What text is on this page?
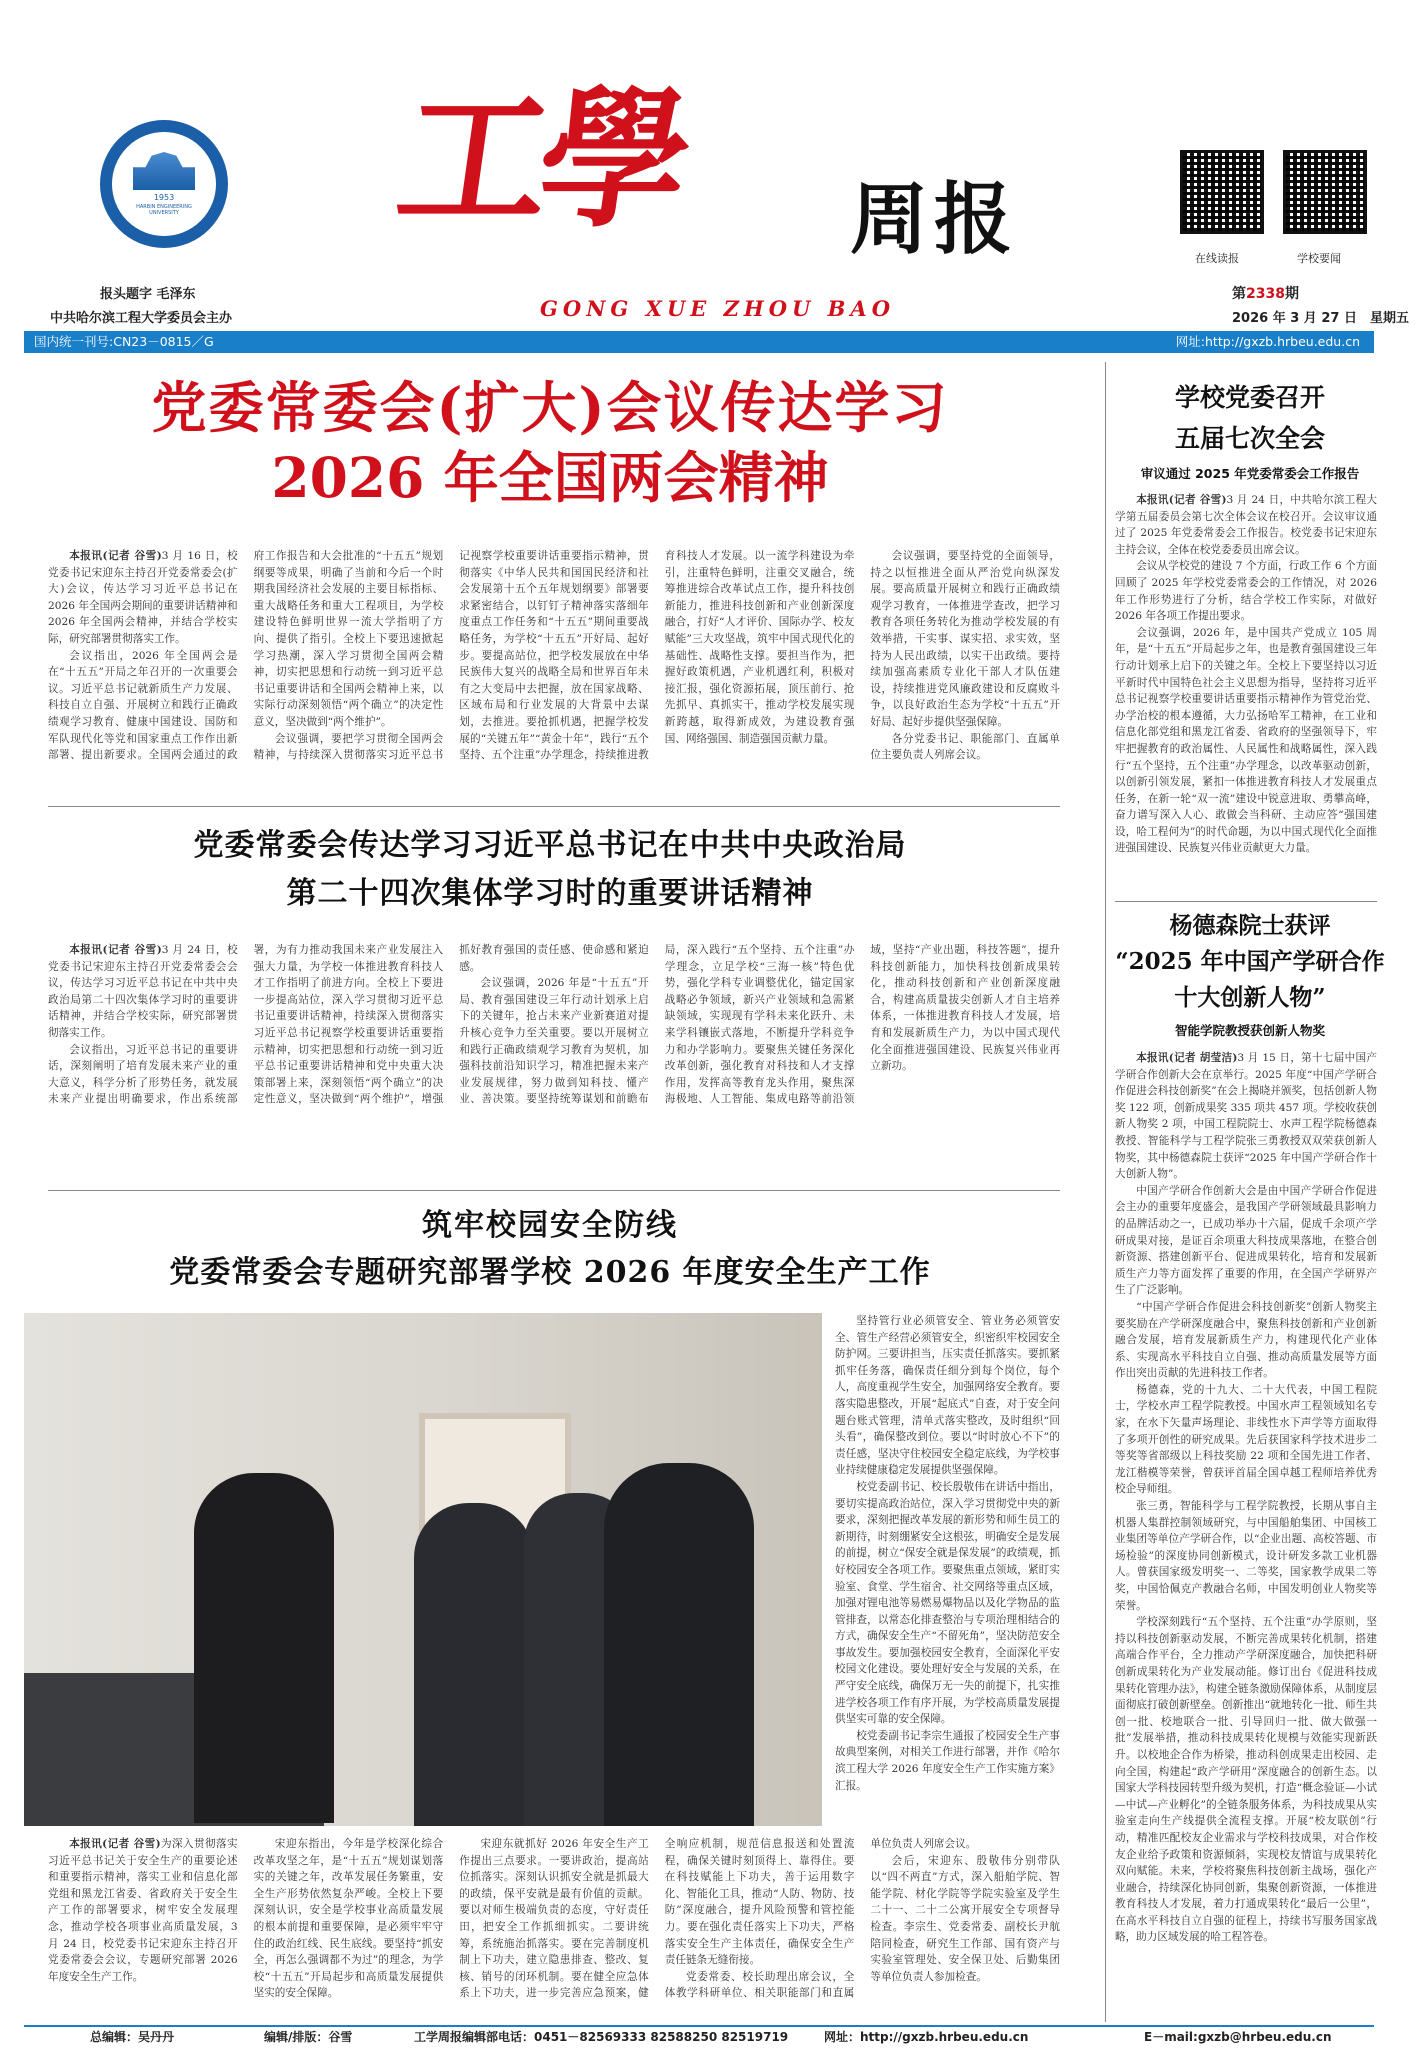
1953
HARBIN ENGINEERING UNIVERSITY 工學 周报
GONG XUE ZHOU BAO
报头题字 毛泽东
中共哈尔滨工程大学委员会主办
在线读报	学校要闻
第2338期
2026 年 3 月 27 日　星期五
国内统一刊号:CN23－0815／G	网址:http://gxzb.hrbeu.edu.cn
党委常委会(扩大)会议传达学习
2026 年全国两会精神

本报讯(记者 谷雪)3 月 16 日，校党委书记宋迎东主持召开党委常委会(扩大)会议，传达学习习近平总书记在 2026 年全国两会期间的重要讲话精神和 2026 年全国两会精神，并结合学校实际，研究部署贯彻落实工作。

会议指出，2026 年全国两会是在“十五五”开局之年召开的一次重要会议。习近平总书记就新质生产力发展、科技自立自强、开展树立和践行正确政绩观学习教育、健康中国建设、国防和军队现代化等党和国家重点工作作出新部署、提出新要求。全国两会通过的政府工作报告和大会批准的“十五五”规划纲要等成果，明确了当前和今后一个时期我国经济社会发展的主要目标指标、重大战略任务和重大工程项目，为学校建设特色鲜明世界一流大学指明了方向、提供了指引。全校上下要迅速掀起学习热潮，深入学习贯彻全国两会精神，切实把思想和行动统一到习近平总书记重要讲话和全国两会精神上来，以实际行动深刻领悟“两个确立”的决定性意义，坚决做到“两个维护”。

会议强调，要把学习贯彻全国两会精神，与持续深入贯彻落实习近平总书记视察学校重要讲话重要指示精神，贯彻落实《中华人民共和国国民经济和社会发展第十五个五年规划纲要》部署要求紧密结合，以钉钉子精神落实落细年度重点工作任务和“十五五”期间重要战略任务，为学校“十五五”开好局、起好步。要提高站位，把学校发展放在中华民族伟大复兴的战略全局和世界百年未有之大变局中去把握，放在国家战略、区域布局和行业发展的大背景中去谋划，去推进。要抢抓机遇，把握学校发展的“关键五年”“黄金十年”，践行“五个坚持、五个注重”办学理念，持续推进教育科技人才发展。以一流学科建设为牵引，注重特色鲜明，注重交叉融合，统筹推进综合改革试点工作，提升科技创新能力，推进科技创新和产业创新深度融合，打好“人才评价、国际办学、校友赋能”三大攻坚战，筑牢中国式现代化的基础性、战略性支撑。要担当作为，把握好政策机遇，产业机遇红利，积极对接汇报，强化资源拓展，顶压前行、抢先抓早、真抓实干，推动学校发展实现新跨越，取得新成效，为建设教育强国、网络强国、制造强国贡献力量。

会议强调，要坚持党的全面领导，持之以恒推进全面从严治党向纵深发展。要高质量开展树立和践行正确政绩观学习教育，一体推进学查改，把学习教育各项任务转化为推动学校发展的有效举措，干实事、谋实招、求实效，坚持为人民出政绩，以实干出政绩。要持续加强高素质专业化干部人才队伍建设，持续推进党风廉政建设和反腐败斗争，以良好政治生态为学校“十五五”开好局、起好步提供坚强保障。

各分党委书记、职能部门、直属单位主要负责人列席会议。

党委常委会传达学习习近平总书记在中共中央政治局
第二十四次集体学习时的重要讲话精神

本报讯(记者 谷雪)3 月 24 日，校党委书记宋迎东主持召开党委常委会会议，传达学习习近平总书记在中共中央政治局第二十四次集体学习时的重要讲话精神，并结合学校实际，研究部署贯彻落实工作。

会议指出，习近平总书记的重要讲话，深刻阐明了培育发展未来产业的重大意义，科学分析了形势任务，就发展未来产业提出明确要求，作出系统部署，为有力推动我国未来产业发展注入强大力量，为学校一体推进教育科技人才工作指明了前进方向。全校上下要进一步提高站位，深入学习贯彻习近平总书记重要讲话精神，持续深入贯彻落实习近平总书记视察学校重要讲话重要指示精神，切实把思想和行动统一到习近平总书记重要讲话精神和党中央重大决策部署上来，深刻领悟“两个确立”的决定性意义，坚决做到“两个维护”，增强抓好教育强国的责任感、使命感和紧迫感。

会议强调，2026 年是“十五五”开局、教育强国建设三年行动计划承上启下的关键年，抢占未来产业新赛道对提升核心竞争力至关重要。要以开展树立和践行正确政绩观学习教育为契机，加强科技前沿知识学习，精准把握未来产业发展规律，努力做到知科技、懂产业、善决策。要坚持统筹谋划和前瞻布局，深入践行“五个坚持、五个注重”办学理念，立足学校“三海一核”特色优势，强化学科专业调整优化，锚定国家战略必争领域，新兴产业领域和急需紧缺领域，实现现有学科未来化跃升、未来学科镶嵌式落地，不断提升学科竞争力和办学影响力。要聚焦关键任务深化改革创新，强化教育对科技和人才支撑作用，发挥高等教育龙头作用，聚焦深海极地、人工智能、集成电路等前沿领域，坚持“产业出题，科技答题”，提升科技创新能力，加快科技创新成果转化，推动科技创新和产业创新深度融合，构建高质量拔尖创新人才自主培养体系，一体推进教育科技人才发展，培育和发展新质生产力，为以中国式现代化全面推进强国建设、民族复兴伟业再立新功。

筑牢校园安全防线
党委常委会专题研究部署学校 2026 年度安全生产工作

坚持管行业必须管安全、管业务必须管安全、管生产经营必须管安全，织密织牢校园安全防护网。三要讲担当，压实责任抓落实。要抓紧抓牢任务落，确保责任细分到每个岗位，每个人，高度重视学生安全，加强网络安全教育。要落实隐患整改，开展“起底式”自查，对于安全问题台账式管理，清单式落实整改，及时组织“回头看”，确保整改到位。要以“时时放心不下”的责任感，坚决守住校园安全稳定底线，为学校事业持续健康稳定发展提供坚强保障。

校党委副书记、校长殷敬伟在讲话中指出，要切实提高政治站位，深入学习贯彻党中央的新要求，深刻把握改革发展的新形势和师生员工的新期待，时刻绷紧安全这根弦，明确安全是发展的前提，树立“保安全就是保发展”的政绩观，抓好校园安全各项工作。要聚焦重点领域，紧盯实验室、食堂、学生宿舍、社交网络等重点区域，加强对锂电池等易燃易爆物品以及化学物品的监管排查，以常态化排查整治与专项治理相结合的方式，确保安全生产“不留死角”，坚决防范安全事故发生。要加强校园安全教育，全面深化平安校园文化建设。要处理好安全与发展的关系，在严守安全底线，确保万无一失的前提下，扎实推进学校各项工作有序开展，为学校高质量发展提供坚实可靠的安全保障。

校党委副书记李宗生通报了校园安全生产事故典型案例，对相关工作进行部署，并作《哈尔滨工程大学 2026 年度安全生产工作实施方案》汇报。

本报讯(记者 谷雪)为深入贯彻落实习近平总书记关于安全生产的重要论述和重要指示精神，落实工业和信息化部党组和黑龙江省委、省政府关于安全生产工作的部署要求，树牢安全发展理念，推动学校各项事业高质量发展，3 月 24 日，校党委书记宋迎东主持召开党委常委会会议，专题研究部署 2026 年度安全生产工作。

宋迎东指出，今年是学校深化综合改革攻坚之年，是“十五五”规划谋划落实的关键之年，改革发展任务繁重，安全生产形势依然复杂严峻。全校上下要深刻认识，安全是学校事业高质量发展的根本前提和重要保障，是必须牢牢守住的政治红线、民生底线。要坚持“抓安全，再怎么强调都不为过”的理念，为学校“十五五”开局起步和高质量发展提供坚实的安全保障。

宋迎东就抓好 2026 年安全生产工作提出三点要求。一要讲政治，提高站位抓落实。深刻认识抓安全就是抓最大的政绩，保平安就是最有价值的贡献。要以对师生极端负责的态度，守好责任田，把安全工作抓细抓实。二要讲统筹，系统施治抓落实。要在完善制度机制上下功夫，建立隐患排查、整改、复核、销号的闭环机制。要在健全应急体系上下功夫，进一步完善应急预案，健全响应机制，规范信息报送和处置流程，确保关键时刻顶得上、靠得住。要在科技赋能上下功夫，善于运用数字化、智能化工具，推动“人防、物防、技防”深度融合，提升风险预警和管控能力。要在强化责任落实上下功夫，严格落实安全生产主体责任，确保安全生产责任链条无缝衔接。

党委常委、校长助理出席会议，全体教学科研单位、相关职能部门和直属单位负责人列席会议。

会后，宋迎东、殷敬伟分别带队以“四不两直”方式，深入船舶学院、智能学院、材化学院等学院实验室及学生二十一、二十二公寓开展安全专项督导检查。李宗生、党委常委、副校长尹航陪同检查，研究生工作部、国有资产与实验室管理处、安全保卫处、后勤集团等单位负责人参加检查。

学校党委召开
五届七次全会
审议通过 2025 年党委常委会工作报告

本报讯(记者 谷雪)3 月 24 日，中共哈尔滨工程大学第五届委员会第七次全体会议在校召开。会议审议通过了 2025 年党委常委会工作报告。校党委书记宋迎东主持会议，全体在校党委委员出席会议。

会议从学校党的建设 7 个方面，行政工作 6 个方面回顾了 2025 年学校党委常委会的工作情况，对 2026 年工作形势进行了分析，结合学校工作实际，对做好 2026 年各项工作提出要求。

会议强调，2026 年，是中国共产党成立 105 周年，是“十五五”开局起步之年，也是教育强国建设三年行动计划承上启下的关键之年。全校上下要坚持以习近平新时代中国特色社会主义思想为指导，坚持将习近平总书记视察学校重要讲话重要指示精神作为管党治党、办学治校的根本遵循，大力弘扬哈军工精神，在工业和信息化部党组和黑龙江省委、省政府的坚强领导下，牢牢把握教育的政治属性、人民属性和战略属性，深入践行“五个坚持，五个注重”办学理念，以改革驱动创新，以创新引领发展，紧扣一体推进教育科技人才发展重点任务，在新一轮“双一流”建设中锐意进取、勇攀高峰，奋力谱写深入人心、敢做会当科研、主动应答“强国建设，哈工程何为”的时代命题，为以中国式现代化全面推进强国建设、民族复兴伟业贡献更大力量。

杨德森院士获评
“2025 年中国产学研合作
十大创新人物”
智能学院教授获创新人物奖

本报讯(记者 胡莹洁)3 月 15 日，第十七届中国产学研合作创新大会在京举行。2025 年度“中国产学研合作促进会科技创新奖”在会上揭晓并颁奖，包括创新人物奖 122 项，创新成果奖 335 项共 457 项。学校收获创新人物奖 2 项，中国工程院院士、水声工程学院杨德森教授、智能科学与工程学院张三勇教授双双荣获创新人物奖，其中杨德森院士获评“2025 年中国产学研合作十大创新人物”。

中国产学研合作创新大会是由中国产学研合作促进会主办的重要年度盛会，是我国产学研领域最具影响力的品牌活动之一，已成功举办十六届，促成千余项产学研成果对接，是证百余项重大科技成果落地，在整合创新资源、搭建创新平台、促进成果转化，培育和发展新质生产力等方面发挥了重要的作用，在全国产学研界产生了广泛影响。

“中国产学研合作促进会科技创新奖”创新人物奖主要奖励在产学研深度融合中，聚焦科技创新和产业创新融合发展，培育发展新质生产力，构建现代化产业体系、实现高水平科技自立自强、推动高质量发展等方面作出突出贡献的先进科技工作者。

杨德森，党的十九大、二十大代表，中国工程院士，学校水声工程学院教授。中国水声工程领域知名专家，在水下矢量声场理论、非线性水下声学等方面取得了多项开创性的研究成果。先后获国家科学技术进步二等奖等省部级以上科技奖励 22 项和全国先进工作者、龙江楷模等荣誉，曾获评首届全国卓越工程师培养优秀校企导师组。

张三勇，智能科学与工程学院教授，长期从事自主机器人集群控制领域研究，与中国船舶集团、中国核工业集团等单位产学研合作，以“企业出题、高校答题、市场检验”的深度协同创新模式，设计研发多款工业机器人。曾获国家级发明奖一、二等奖，国家教学成果二等奖，中国恰佩克产教融合名师，中国发明创业人物奖等荣誉。

学校深刻践行“五个坚持、五个注重”办学原则，坚持以科技创新驱动发展，不断完善成果转化机制，搭建高端合作平台，全力推动产学研深度融合，加快把科研创新成果转化为产业发展动能。修订出台《促进科技成果转化管理办法》，构建全链条激励保障体系，从制度层面彻底打破创新壁垒。创新推出“就地转化一批、师生共创一批、校地联合一批、引导回归一批、做大做强一批”发展举措，推动科技成果转化规模与效能实现新跃升。以校地企合作为桥梁，推动科创成果走出校园、走向全国，构建起“政产学研用”深度融合的创新生态。以国家大学科技园转型升级为契机，打造“概念验证—小试—中试—产业孵化”的全链条服务体系，为科技成果从实验室走向生产线提供全流程支撑。开展“校友联创”行动，精准匹配校友企业需求与学校科技成果，对合作校友企业给予政策和资源倾斜，实现校友情谊与成果转化双向赋能。未来，学校将聚焦科技创新主战场，强化产业融合，持续深化协同创新，集聚创新资源，一体推进教育科技人才发展，着力打通成果转化“最后一公里”，在高水平科技自立自强的征程上，持续书写服务国家战略，助力区域发展的哈工程答卷。

总编辑：吴丹丹	编辑/排版：谷雪	工学周报编辑部电话：0451－82569333 82588250 82519719	网址：http://gxzb.hrbeu.edu.cn	E－mail:gxzb@hrbeu.edu.cn
